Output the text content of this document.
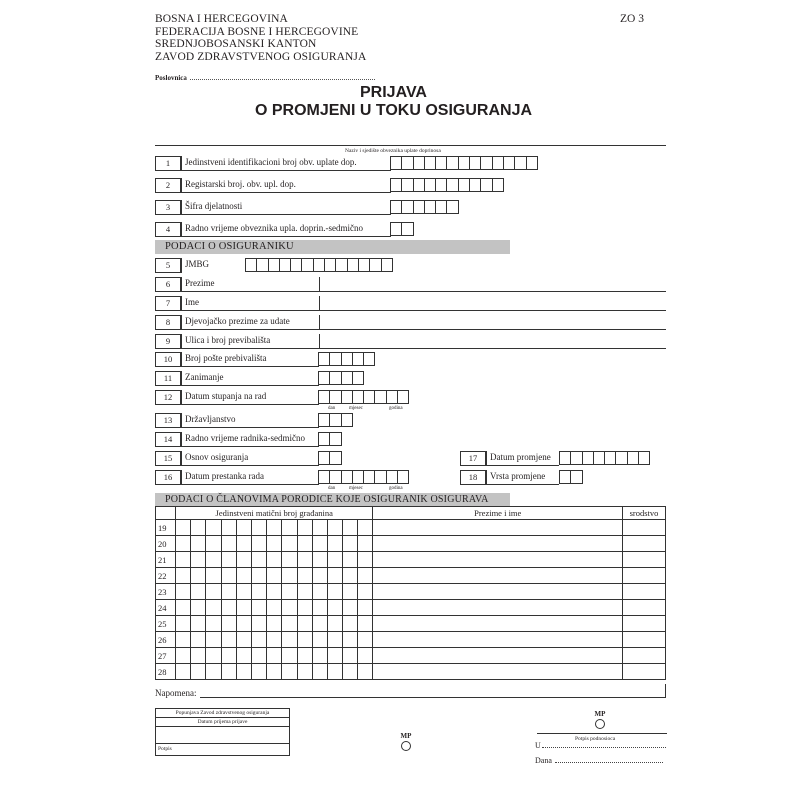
BOSNA I HERCEGOVINA
FEDERACIJA BOSNE I HERCEGOVINE
SREDNJOBOSANSKI KANTON
ZAVOD ZDRAVSTVENOG OSIGURANJA
ZO 3
Poslovnica
PRIJAVA
O PROMJENI U TOKU OSIGURANJA
Naziv i sjedište obveznika uplate doprinosa
1	Jedinstveni identifikacioni broj obv. uplate dop.
2	Registarski broj. obv. upl. dop.
3	Šifra djelatnosti
4	Radno vrijeme obveznika upla. doprin.-sedmično
PODACI O OSIGURANIKU
5	JMBG
6	Prezime
7	Ime
8	Djevojačko prezime za udate
9	Ulica i broj previbališta
10	Broj pošte prebivališta
11	Zanimanje
12	Datum stupanja na rad
dan	mjesec	godina
13	Državljanstvo
14	Radno vrijeme radnika-sedmično
15	Osnov osiguranja
16	Datum prestanka rada
dan	mjesec	godina
17	Datum promjene
18	Vrsta promjene
PODACI O ČLANOVIMA PORODICE KOJE OSIGURANIK OSIGURAVA
	Jedinstveni matični broj građanina													Prezime i ime	srodstvo
19															
20															
21															
22															
23															
24															
25															
26															
27															
28															
Napomena:
Popunjava Zavod zdravstvenog osiguranja
Datum prijema prijave
Potpis
MP
MP
Potpis podnosioca
U
Dana
